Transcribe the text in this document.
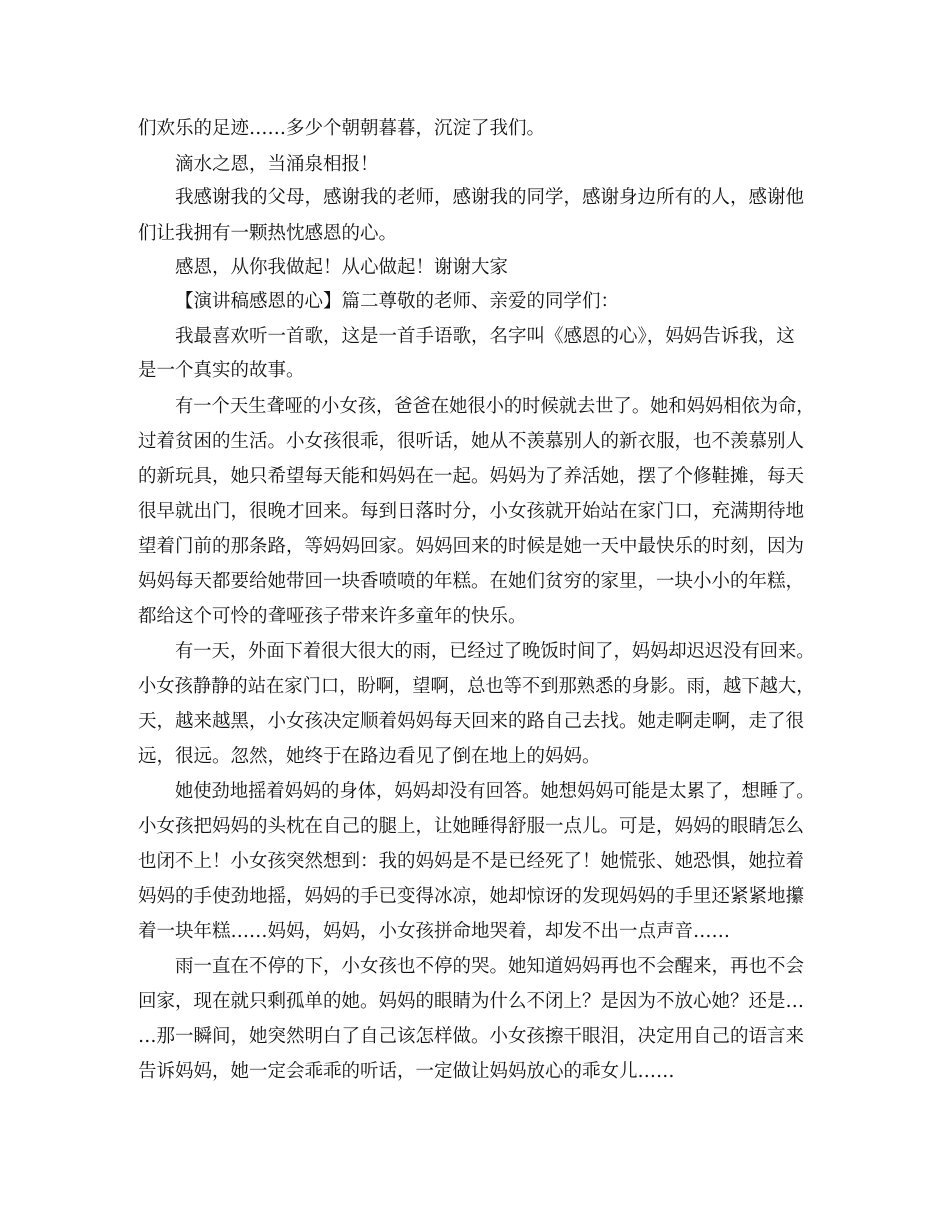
们欢乐的足迹……多少个朝朝暮暮，沉淀了我们。
滴水之恩，当涌泉相报！
我感谢我的父母，感谢我的老师，感谢我的同学，感谢身边所有的人，感谢他
们让我拥有一颗热忱感恩的心。
感恩，从你我做起！从心做起！谢谢大家
【演讲稿感恩的心】篇二尊敬的老师、亲爱的同学们：
我最喜欢听一首歌，这是一首手语歌，名字叫《感恩的心》，妈妈告诉我，这
是一个真实的故事。
有一个天生聋哑的小女孩，爸爸在她很小的时候就去世了。她和妈妈相依为命，
过着贫困的生活。小女孩很乖，很听话，她从不羡慕别人的新衣服，也不羡慕别人
的新玩具，她只希望每天能和妈妈在一起。妈妈为了养活她，摆了个修鞋摊，每天
很早就出门，很晚才回来。每到日落时分，小女孩就开始站在家门口，充满期待地
望着门前的那条路，等妈妈回家。妈妈回来的时候是她一天中最快乐的时刻，因为
妈妈每天都要给她带回一块香喷喷的年糕。在她们贫穷的家里，一块小小的年糕，
都给这个可怜的聋哑孩子带来许多童年的快乐。
有一天，外面下着很大很大的雨，已经过了晚饭时间了，妈妈却迟迟没有回来。
小女孩静静的站在家门口，盼啊，望啊，总也等不到那熟悉的身影。雨，越下越大，
天，越来越黑，小女孩决定顺着妈妈每天回来的路自己去找。她走啊走啊，走了很
远，很远。忽然，她终于在路边看见了倒在地上的妈妈。
她使劲地摇着妈妈的身体，妈妈却没有回答。她想妈妈可能是太累了，想睡了。
小女孩把妈妈的头枕在自己的腿上，让她睡得舒服一点儿。可是，妈妈的眼睛怎么
也闭不上！小女孩突然想到：我的妈妈是不是已经死了！她慌张、她恐惧，她拉着
妈妈的手使劲地摇，妈妈的手已变得冰凉，她却惊讶的发现妈妈的手里还紧紧地攥
着一块年糕……妈妈，妈妈，小女孩拼命地哭着，却发不出一点声音……
雨一直在不停的下，小女孩也不停的哭。她知道妈妈再也不会醒来，再也不会
回家，现在就只剩孤单的她。妈妈的眼睛为什么不闭上？是因为不放心她？还是…
…那一瞬间，她突然明白了自己该怎样做。小女孩擦干眼泪，决定用自己的语言来
告诉妈妈，她一定会乖乖的听话，一定做让妈妈放心的乖女儿……
